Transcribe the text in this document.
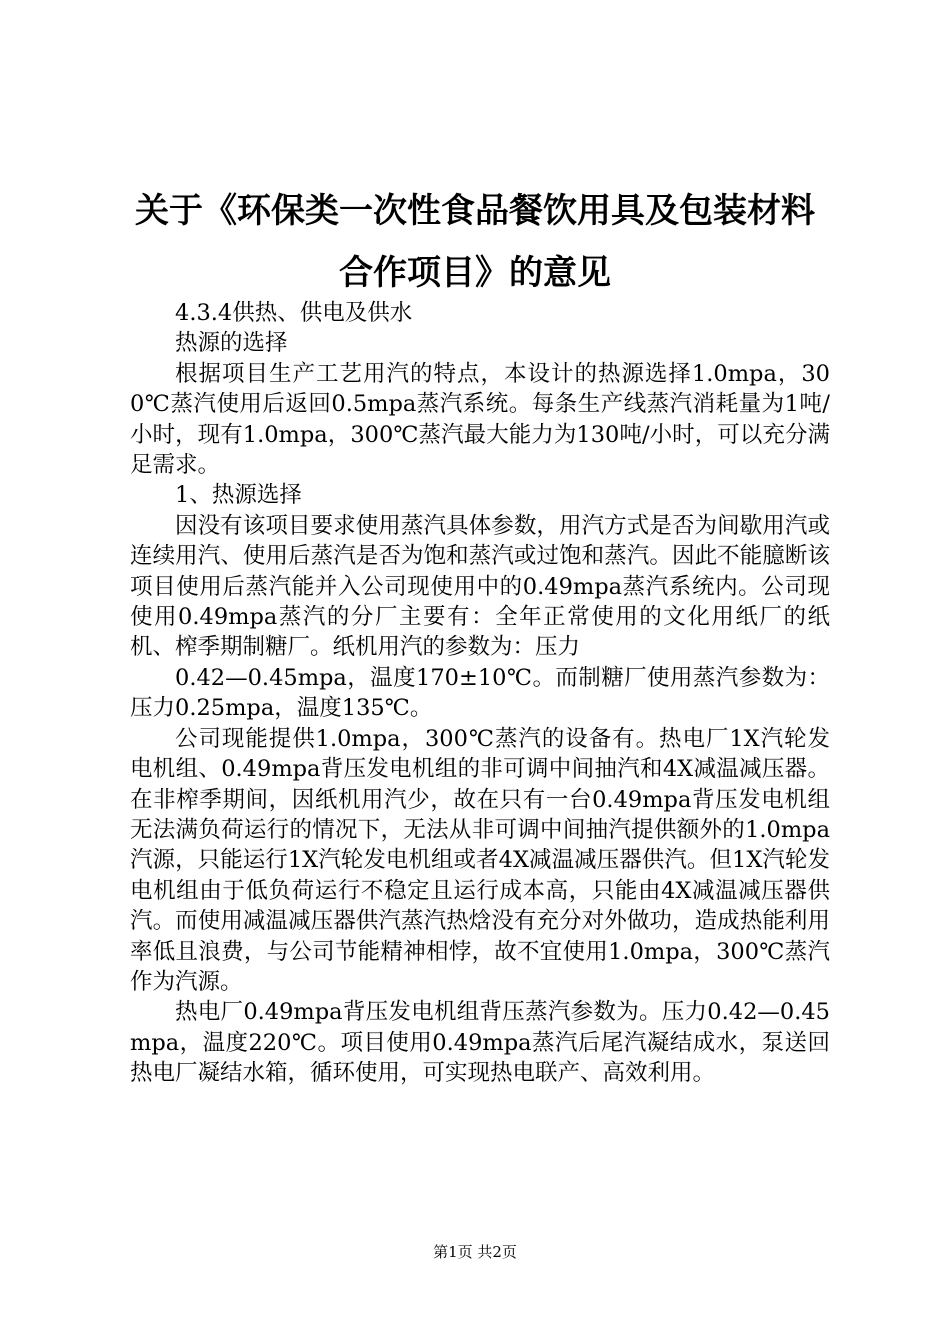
关于《环保类一次性食品餐饮用具及包装材料
合作项目》的意见

4.3.4供热、供电及供水

热源的选择

根据项目生产工艺用汽的特点，本设计的热源选择1.0mpa，300℃蒸汽使用后返回0.5mpa蒸汽系统。每条生产线蒸汽消耗量为1吨/小时，现有1.0mpa，300℃蒸汽最大能力为130吨/小时，可以充分满足需求。

1、热源选择

因没有该项目要求使用蒸汽具体参数，用汽方式是否为间歇用汽或连续用汽、使用后蒸汽是否为饱和蒸汽或过饱和蒸汽。因此不能臆断该项目使用后蒸汽能并入公司现使用中的0.49mpa蒸汽系统内。公司现使用0.49mpa蒸汽的分厂主要有：全年正常使用的文化用纸厂的纸机、榨季期制糖厂。纸机用汽的参数为：压力

0.42—0.45mpa，温度170±10℃。而制糖厂使用蒸汽参数为：压力0.25mpa，温度135℃。

公司现能提供1.0mpa，300℃蒸汽的设备有。热电厂1X汽轮发电机组、0.49mpa背压发电机组的非可调中间抽汽和4X减温减压器。在非榨季期间，因纸机用汽少，故在只有一台0.49mpa背压发电机组无法满负荷运行的情况下，无法从非可调中间抽汽提供额外的1.0mpa汽源，只能运行1X汽轮发电机组或者4X减温减压器供汽。但1X汽轮发电机组由于低负荷运行不稳定且运行成本高，只能由4X减温减压器供汽。而使用减温减压器供汽蒸汽热焓没有充分对外做功，造成热能利用率低且浪费，与公司节能精神相悖，故不宜使用1.0mpa，300℃蒸汽作为汽源。

热电厂0.49mpa背压发电机组背压蒸汽参数为。压力0.42—0.45mpa，温度220℃。项目使用0.49mpa蒸汽后尾汽凝结成水，泵送回热电厂凝结水箱，循环使用，可实现热电联产、高效利用。

第1页 共2页
